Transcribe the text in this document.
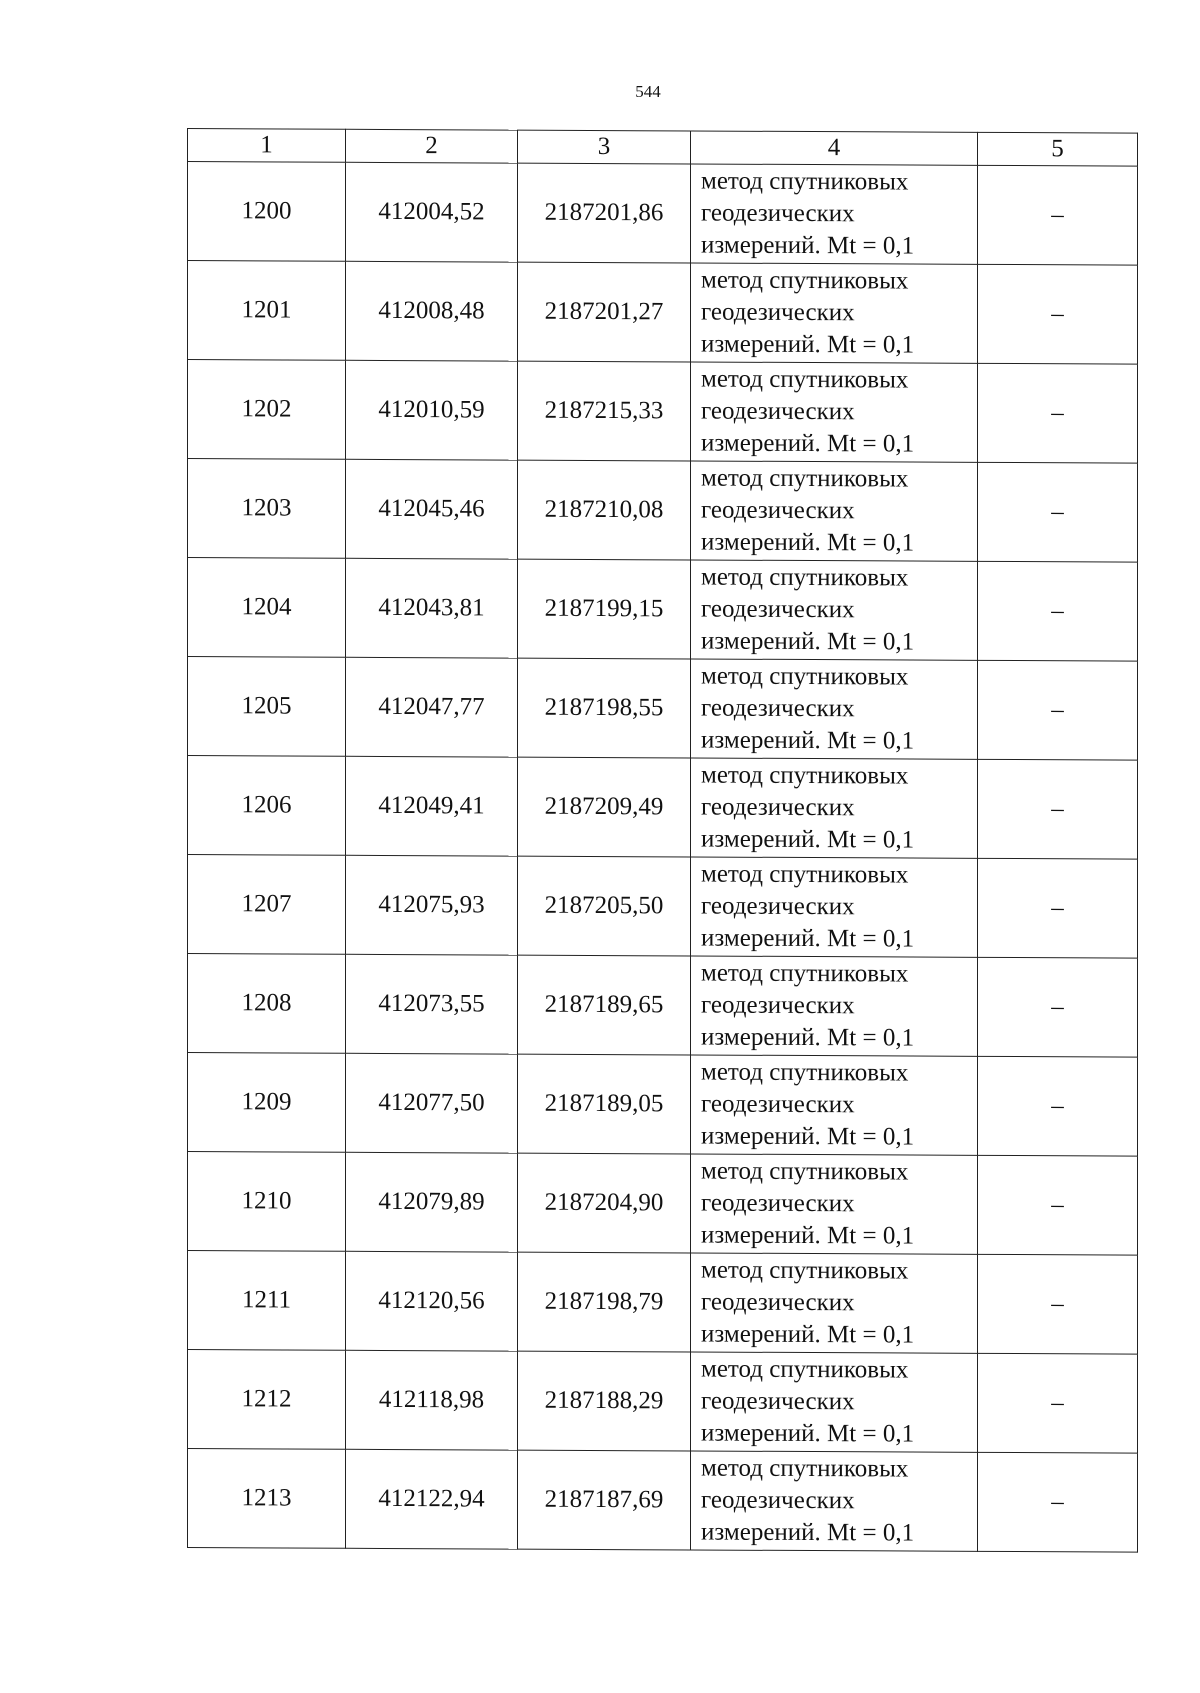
544
1	2	3	4	5
1200	412004,52	2187201,86	метод спутниковых
геодезических
измерений. Mt = 0,1	–
1201	412008,48	2187201,27	метод спутниковых
геодезических
измерений. Mt = 0,1	–
1202	412010,59	2187215,33	метод спутниковых
геодезических
измерений. Mt = 0,1	–
1203	412045,46	2187210,08	метод спутниковых
геодезических
измерений. Mt = 0,1	–
1204	412043,81	2187199,15	метод спутниковых
геодезических
измерений. Mt = 0,1	–
1205	412047,77	2187198,55	метод спутниковых
геодезических
измерений. Mt = 0,1	–
1206	412049,41	2187209,49	метод спутниковых
геодезических
измерений. Mt = 0,1	–
1207	412075,93	2187205,50	метод спутниковых
геодезических
измерений. Mt = 0,1	–
1208	412073,55	2187189,65	метод спутниковых
геодезических
измерений. Mt = 0,1	–
1209	412077,50	2187189,05	метод спутниковых
геодезических
измерений. Mt = 0,1	–
1210	412079,89	2187204,90	метод спутниковых
геодезических
измерений. Mt = 0,1	–
1211	412120,56	2187198,79	метод спутниковых
геодезических
измерений. Mt = 0,1	–
1212	412118,98	2187188,29	метод спутниковых
геодезических
измерений. Mt = 0,1	–
1213	412122,94	2187187,69	метод спутниковых
геодезических
измерений. Mt = 0,1	–
